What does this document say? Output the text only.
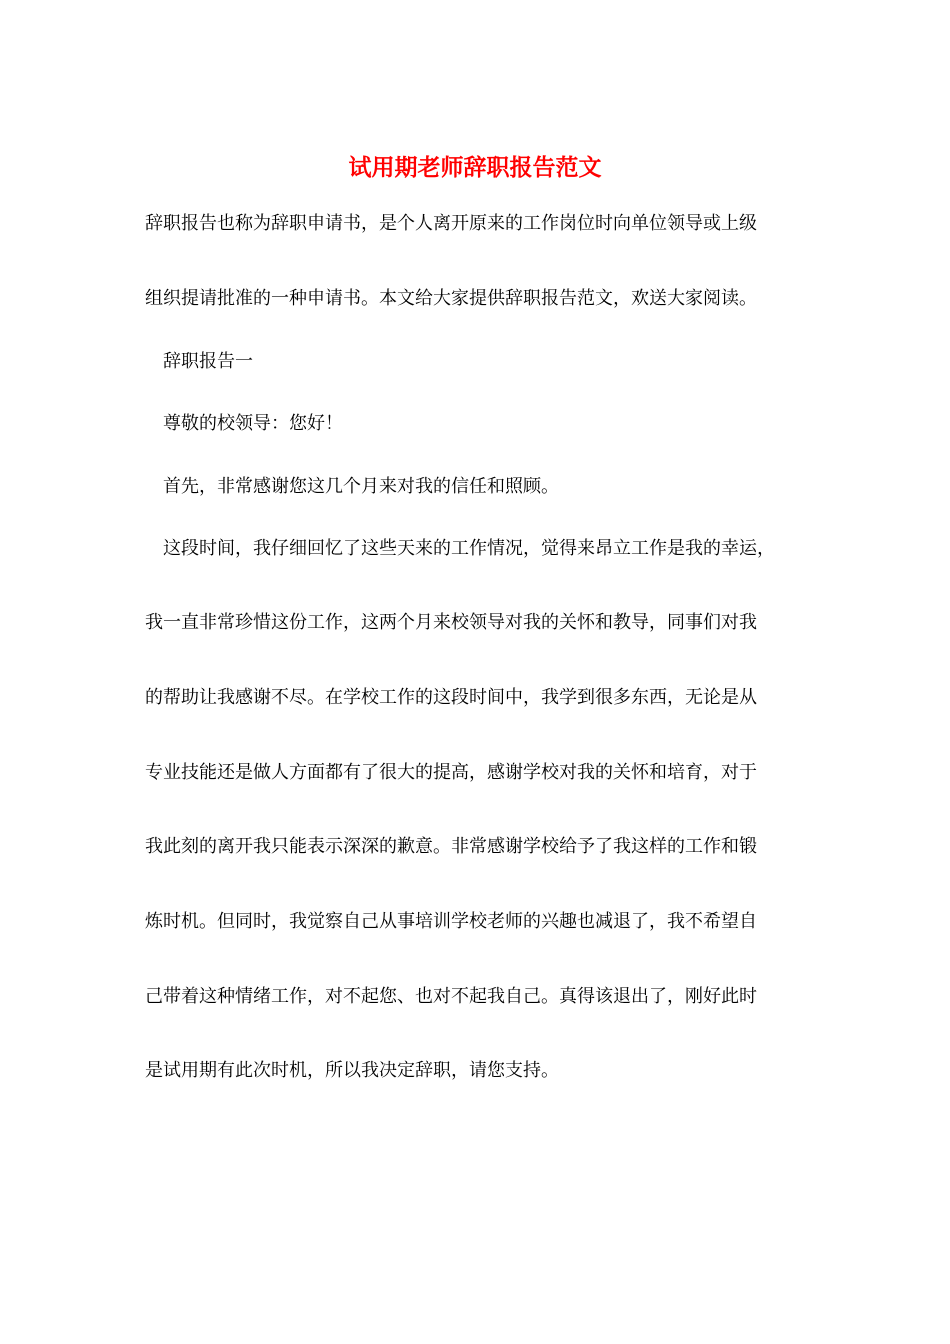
试用期老师辞职报告范文

辞职报告也称为辞职申请书，是个人离开原来的工作岗位时向单位领导或上级

组织提请批准的一种申请书。本文给大家提供辞职报告范文，欢送大家阅读。

辞职报告一

尊敬的校领导：您好！

首先，非常感谢您这几个月来对我的信任和照顾。

这段时间，我仔细回忆了这些天来的工作情况，觉得来昂立工作是我的幸运，

我一直非常珍惜这份工作，这两个月来校领导对我的关怀和教导，同事们对我

的帮助让我感谢不尽。在学校工作的这段时间中，我学到很多东西，无论是从

专业技能还是做人方面都有了很大的提高，感谢学校对我的关怀和培育，对于

我此刻的离开我只能表示深深的歉意。非常感谢学校给予了我这样的工作和锻

炼时机。但同时，我觉察自己从事培训学校老师的兴趣也减退了，我不希望自

己带着这种情绪工作，对不起您、也对不起我自己。真得该退出了，刚好此时

是试用期有此次时机，所以我决定辞职，请您支持。
